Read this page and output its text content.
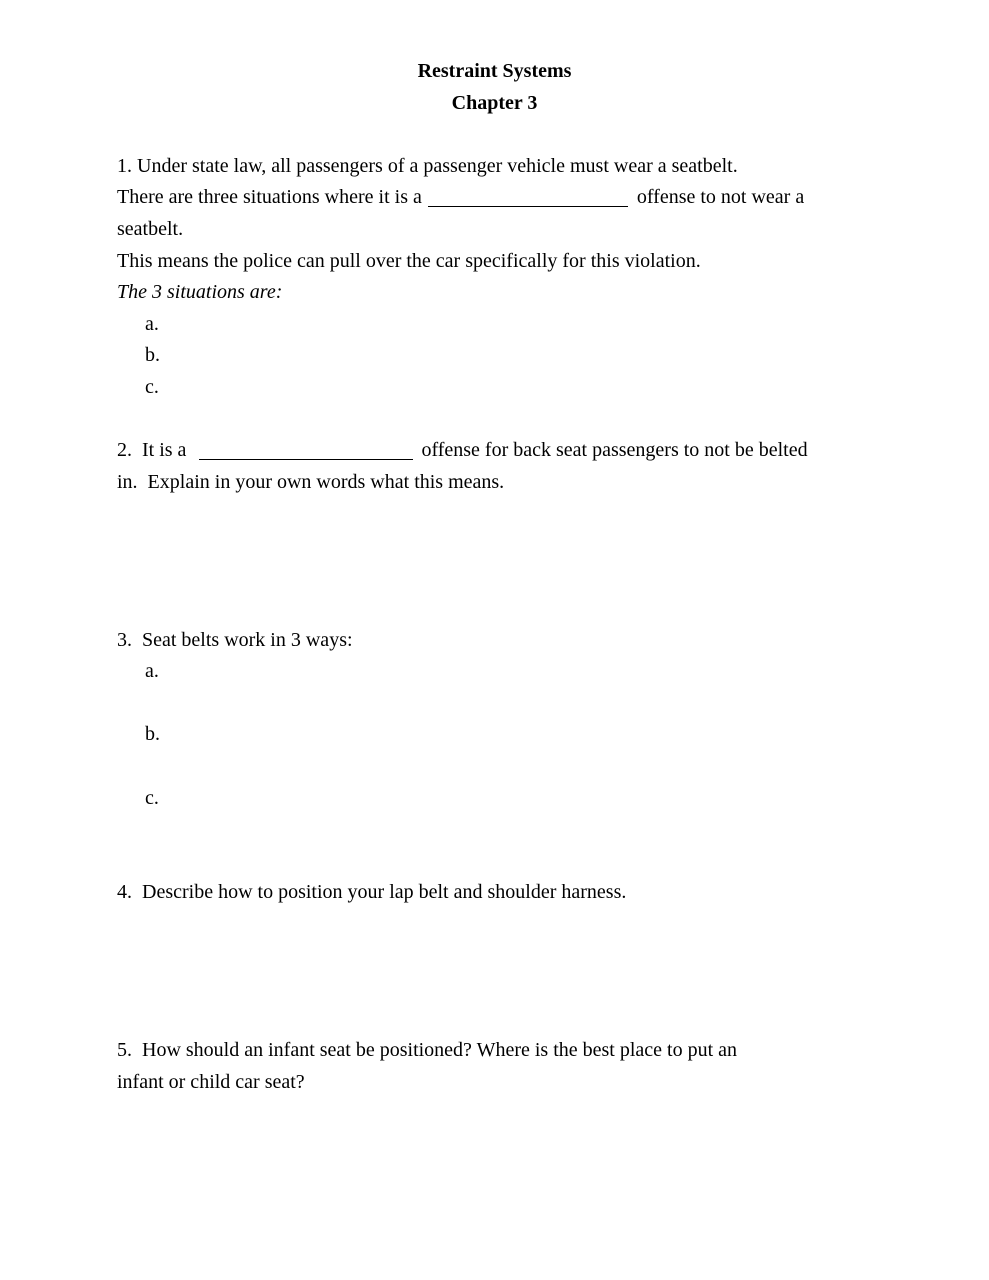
Restraint Systems
Chapter 3
1. Under state law, all passengers of a passenger vehicle must wear a seatbelt.
There are three situations where it is a	offense to not wear a
seatbelt.
This means the police can pull over the car specifically for this violation.
The 3 situations are:
a.
b.
c.
2.  It is a	offense for back seat passengers to not be belted
in.  Explain in your own words what this means.
3.  Seat belts work in 3 ways:
a.
b.
c.
4.  Describe how to position your lap belt and shoulder harness.
5.  How should an infant seat be positioned? Where is the best place to put an
infant or child car seat?
